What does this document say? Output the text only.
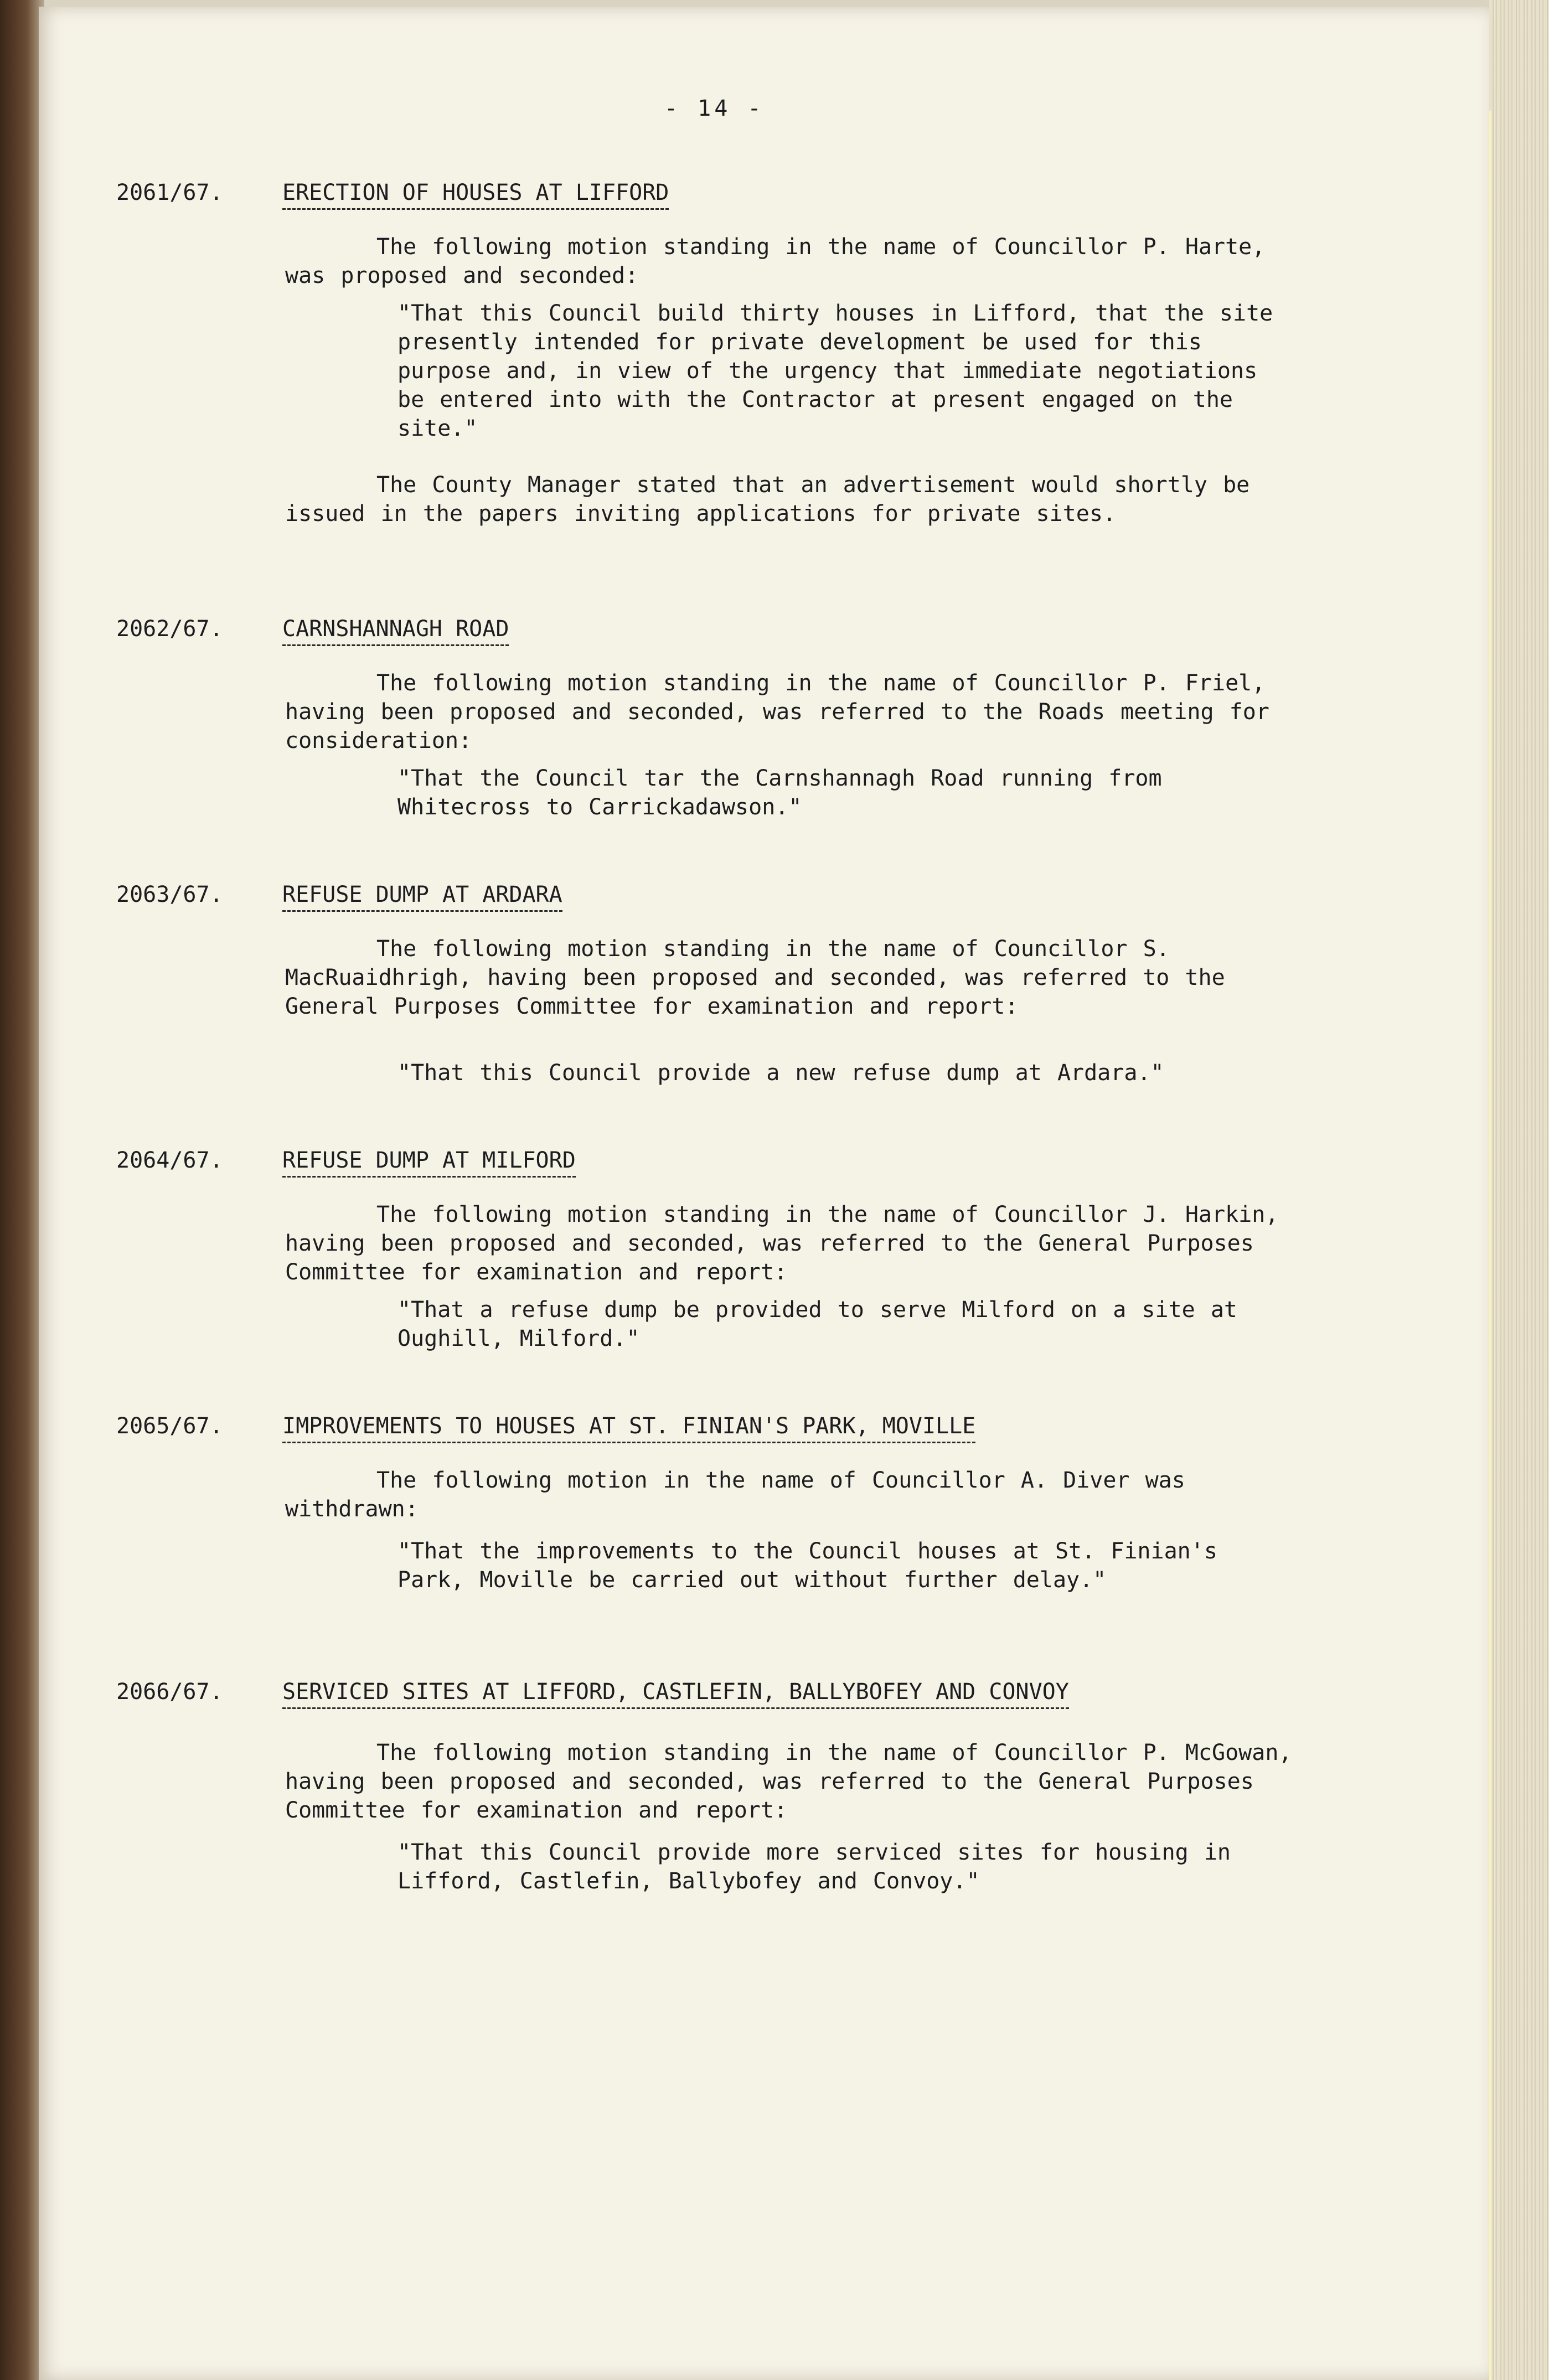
- 14 -
2061/67.	ERECTION OF HOUSES AT LIFFORD
The following motion standing in the name of Councillor P. Harte, was proposed and seconded:
"That this Council build thirty houses in Lifford, that the site presently intended for private development be used for this purpose and, in view of the urgency that immediate negotiations be entered into with the Contractor at present engaged on the site."
The County Manager stated that an advertisement would shortly be issued in the papers inviting applications for private sites.
2062/67.	CARNSHANNAGH ROAD
The following motion standing in the name of Councillor P. Friel, having been proposed and seconded, was referred to the Roads meeting for consideration:
"That the Council tar the Carnshannagh Road running from Whitecross to Carrickadawson."
2063/67.	REFUSE DUMP AT ARDARA
The following motion standing in the name of Councillor S. MacRuaidhrigh, having been proposed and seconded, was referred to the General Purposes Committee for examination and report:
"That this Council provide a new refuse dump at Ardara."
2064/67.	REFUSE DUMP AT MILFORD
The following motion standing in the name of Councillor J. Harkin, having been proposed and seconded, was referred to the General Purposes Committee for examination and report:
"That a refuse dump be provided to serve Milford on a site at Oughill, Milford."
2065/67.	IMPROVEMENTS TO HOUSES AT ST. FINIAN'S PARK, MOVILLE
The following motion in the name of Councillor A. Diver was withdrawn:
"That the improvements to the Council houses at St. Finian's Park, Moville be carried out without further delay."
2066/67.	SERVICED SITES AT LIFFORD, CASTLEFIN, BALLYBOFEY AND CONVOY
The following motion standing in the name of Councillor P. McGowan, having been proposed and seconded, was referred to the General Purposes Committee for examination and report:
"That this Council provide more serviced sites for housing in Lifford, Castlefin, Ballybofey and Convoy."
